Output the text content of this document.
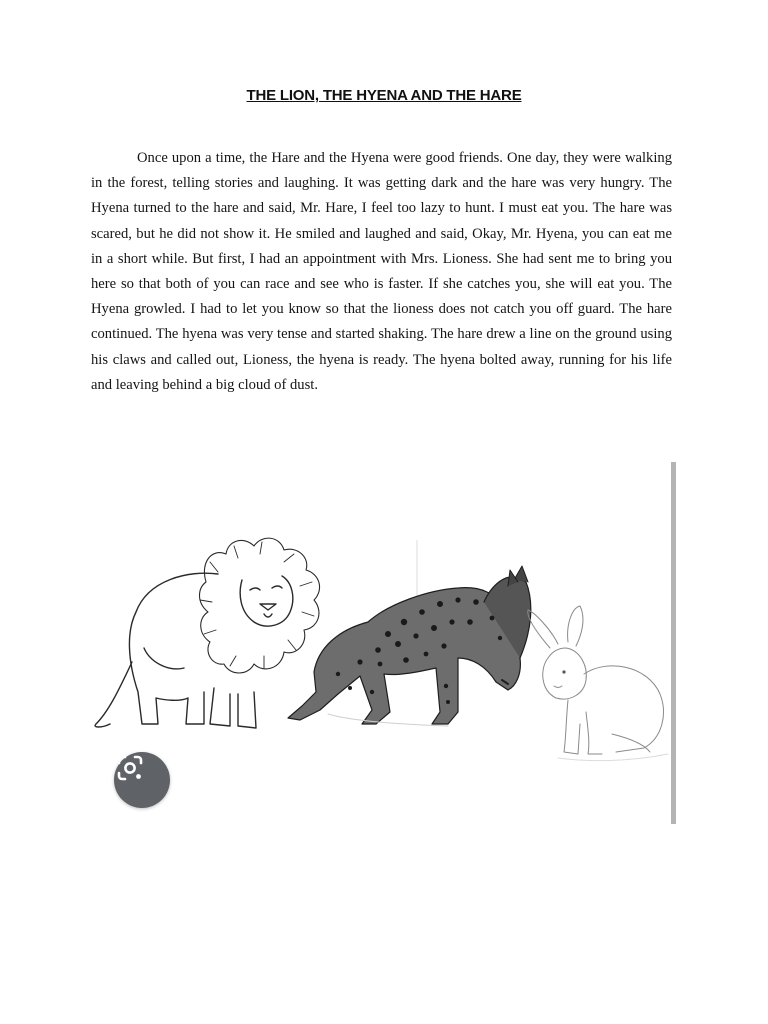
THE LION, THE HYENA AND THE HARE

Once upon a time, the Hare and the Hyena were good friends. One day, they were walking in the forest, telling stories and laughing. It was getting dark and the hare was very hungry. The Hyena turned to the hare and said, Mr. Hare, I feel too lazy to hunt. I must eat you. The hare was scared, but he did not show it. He smiled and laughed and said, Okay, Mr. Hyena, you can eat me in a short while. But first, I had an appointment with Mrs. Lioness. She had sent me to bring you here so that both of you can race and see who is faster. If she catches you, she will eat you. The Hyena growled. I had to let you know so that the lioness does not catch you off guard. The hare continued. The hyena was very tense and started shaking. The hare drew a line on the ground using his claws and called out, Lioness, the hyena is ready. The hyena bolted away, running for his life and leaving behind a big cloud of dust.
